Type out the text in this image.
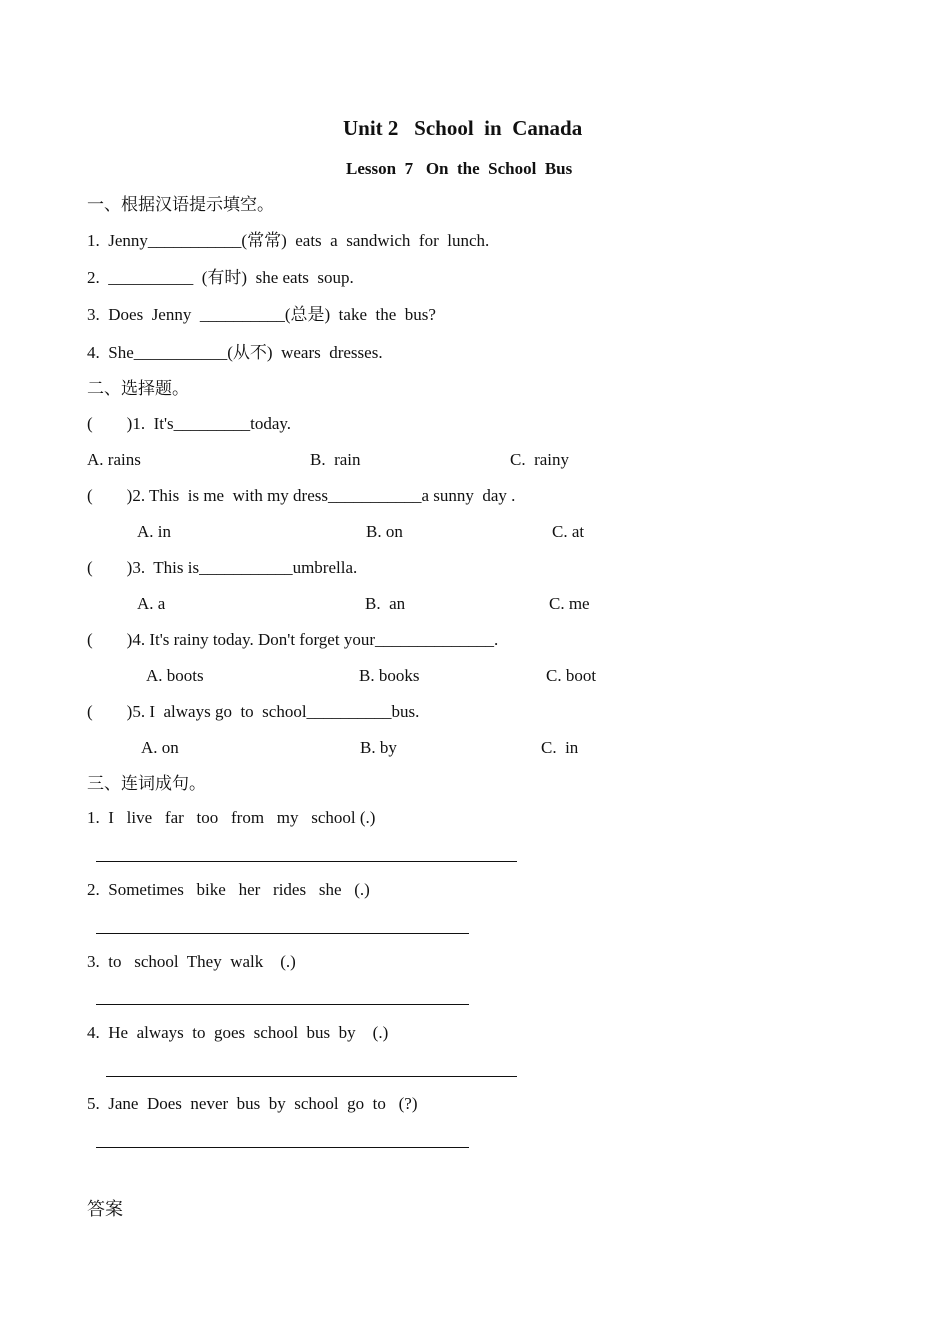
Unit 2   School  in  Canada
Lesson  7   On  the  School  Bus
一、根据汉语提示填空。
1.  Jenny___________(常常)  eats  a  sandwich  for  lunch.
2.  __________  (有时)  she eats  soup.
3.  Does  Jenny  __________(总是)  take  the  bus?
4.  She___________(从不)  wears  dresses.
二、选择题。
(        )1.  It's_________today.
A. rains	B.  rain	C.  rainy
(        )2. This  is me  with my dress___________a sunny  day .
A. in	B. on	C. at
(        )3.  This is___________umbrella.
A. a	B.  an	C. me
(        )4. It's rainy today. Don't forget your______________.
A. boots	B. books	C. boot
(        )5. I  always go  to  school__________bus.
A. on	B. by	C.  in
三、连词成句。
1.  I   live   far   too   from   my   school (.)
2.  Sometimes   bike   her   rides   she   (.)
3.  to   school  They  walk    (.)
4.  He  always  to  goes  school  bus  by    (.)
5.  Jane  Does  never  bus  by  school  go  to   (?)
答案
